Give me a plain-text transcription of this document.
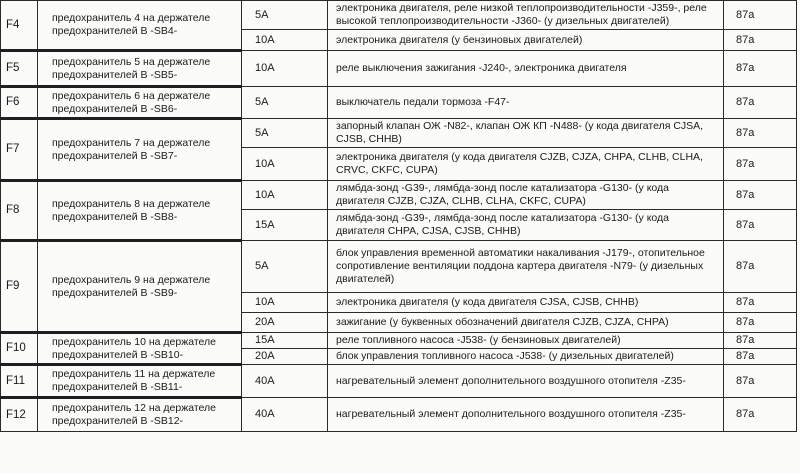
F4	предохранитель 4 на держателе предохранителей В -SB4-	5A	электроника двигателя, реле низкой теплопроизводительности -J359-, реле высокой теплопроизводительности -J360- (у дизельных двигателей)	87a
		10A	электроника двигателя (у бензиновых двигателей)	87a
F5	предохранитель 5 на держателе предохранителей В -SB5-	10A	реле выключения зажигания -J240-, электроника двигателя	87a
F6	предохранитель 6 на держателе предохранителей В -SB6-	5A	выключатель педали тормоза -F47-	87a
F7	предохранитель 7 на держателе предохранителей В -SB7-	5A	запорный клапан ОЖ -N82-, клапан ОЖ КП -N488- (у кода двигателя CJSA, CJSB, CHHB)	87a
		10A	электроника двигателя (у кода двигателя CJZB, CJZA, CHPA, CLHB, CLHA, CRVC, CKFC, CUPA)	87a
F8	предохранитель 8 на держателе предохранителей В -SB8-	10A	лямбда-зонд -G39-, лямбда-зонд после катализатора -G130- (у кода двигателя CJZB, CJZA, CLHB, CLHA, CKFC, CUPA)	87a
		15A	лямбда-зонд -G39-, лямбда-зонд после катализатора -G130- (у кода двигателя CHPA, CJSA, CJSB, CHHB)	87a
F9	предохранитель 9 на держателе предохранителей В -SB9-	5A	блок управления временной автоматики накаливания -J179-, отопительное сопротивление вентиляции поддона картера двигателя -N79- (у дизельных двигателей)	87a
		10A	электроника двигателя (у кода двигателя CJSA, CJSB, CHHB)	87a
		20A	зажигание (у буквенных обозначений двигателя CJZB, CJZA, CHPA)	87a
F10	предохранитель 10 на держателе предохранителей В -SB10-	15A	реле топливного насоса -J538- (у бензиновых двигателей)	87a
		20A	блок управления топливного насоса -J538- (у дизельных двигателей)	87a
F11	предохранитель 11 на держателе предохранителей В -SB11-	40A	нагревательный элемент дополнительного воздушного отопителя -Z35-	87a
F12	предохранитель 12 на держателе предохранителей В -SB12-	40A	нагревательный элемент дополнительного воздушного отопителя -Z35-	87a
